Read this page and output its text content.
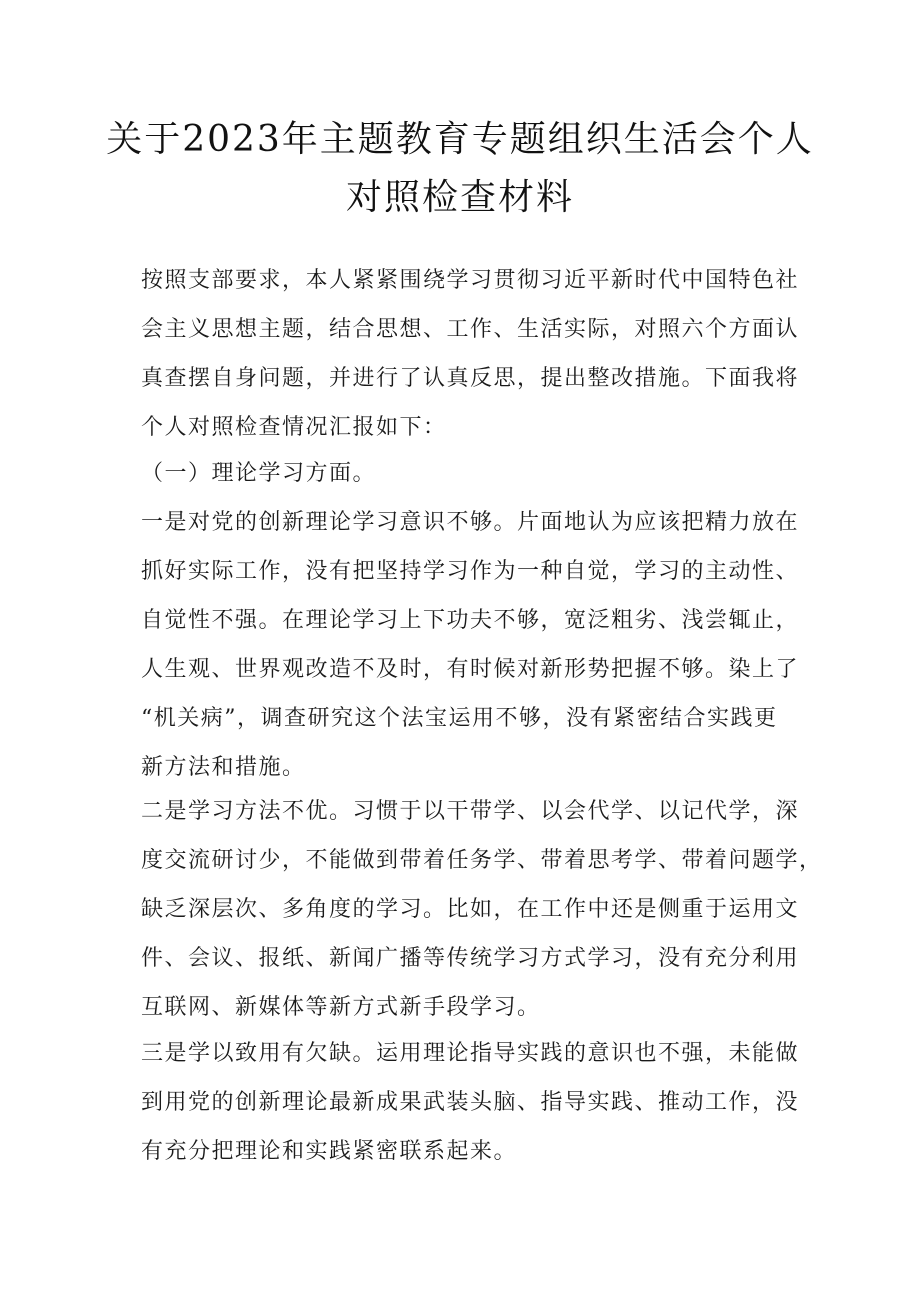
关于2023年主题教育专题组织生活会个人
对照检查材料
按照支部要求，本人紧紧围绕学习贯彻习近平新时代中国特色社
会主义思想主题，结合思想、工作、生活实际，对照六个方面认
真查摆自身问题，并进行了认真反思，提出整改措施。下面我将
个人对照检查情况汇报如下：
（一）理论学习方面。
一是对党的创新理论学习意识不够。片面地认为应该把精力放在
抓好实际工作，没有把坚持学习作为一种自觉，学习的主动性、
自觉性不强。在理论学习上下功夫不够，宽泛粗劣、浅尝辄止，
人生观、世界观改造不及时，有时候对新形势把握不够。染上了
“机关病”，调查研究这个法宝运用不够，没有紧密结合实践更
新方法和措施。
二是学习方法不优。习惯于以干带学、以会代学、以记代学，深
度交流研讨少，不能做到带着任务学、带着思考学、带着问题学，
缺乏深层次、多角度的学习。比如，在工作中还是侧重于运用文
件、会议、报纸、新闻广播等传统学习方式学习，没有充分利用
互联网、新媒体等新方式新手段学习。
三是学以致用有欠缺。运用理论指导实践的意识也不强，未能做
到用党的创新理论最新成果武装头脑、指导实践、推动工作，没
有充分把理论和实践紧密联系起来。
